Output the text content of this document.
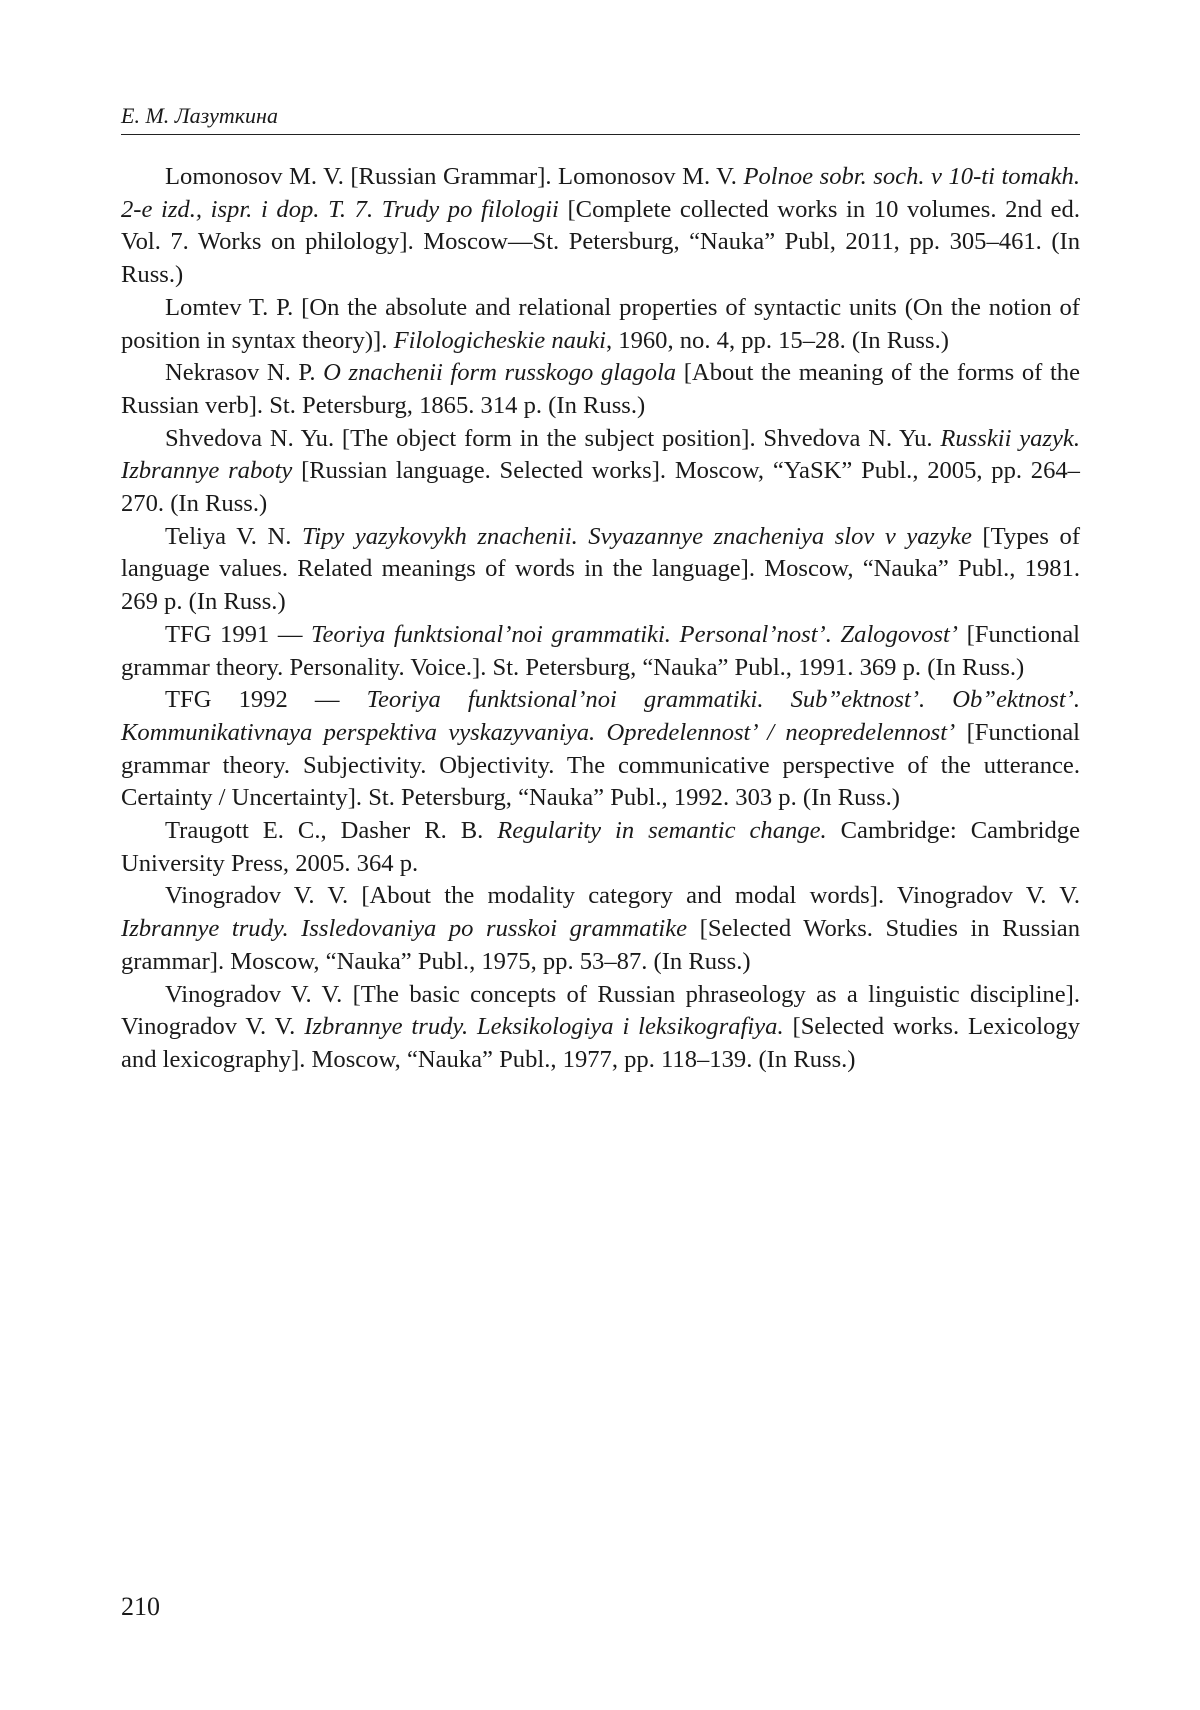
Е. М. Лазуткина

Lomonosov M. V. [Russian Grammar]. Lomonosov M. V. Polnoe sobr. soch. v 10-ti tomakh. 2-e izd., ispr. i dop. T. 7. Trudy po filologii [Complete collected works in 10 volumes. 2nd ed. Vol. 7. Works on philology]. Moscow—St. Petersburg, “Nauka” Publ, 2011, pp. 305–461. (In Russ.)

Lomtev T. P. [On the absolute and relational properties of syntactic units (On the notion of position in syntax theory)]. Filologicheskie nauki, 1960, no. 4, pp. 15–28. (In Russ.)

Nekrasov N. P. O znachenii form russkogo glagola [About the meaning of the forms of the Russian verb]. St. Petersburg, 1865. 314 p. (In Russ.)

Shvedova N. Yu. [The object form in the subject position]. Shvedova N. Yu. Russkii yazyk. Izbrannye raboty [Russian language. Selected works]. Moscow, “YaSK” Publ., 2005, pp. 264–270. (In Russ.)

Teliya V. N. Tipy yazykovykh znachenii. Svyazannye znacheniya slov v yazyke [Types of language values. Related meanings of words in the language]. Moscow, “Nauka” Publ., 1981. 269 p. (In Russ.)

TFG 1991 — Teoriya funktsional’noi grammatiki. Personal’nost’. Zalogovost’ [Functional grammar theory. Personality. Voice.]. St. Petersburg, “Nauka” Publ., 1991. 369 p. (In Russ.)

TFG 1992 — Teoriya funktsional’noi grammatiki. Sub”ektnost’. Ob”ektnost’. Kommunikativnaya perspektiva vyskazyvaniya. Opredelennost’ / neopredelennost’ [Functional grammar theory. Subjectivity. Objectivity. The communicative perspective of the utterance. Certainty / Uncertainty]. St. Petersburg, “Nauka” Publ., 1992. 303 p. (In Russ.)

Traugott E. C., Dasher R. B. Regularity in semantic change. Cambridge: Cambridge University Press, 2005. 364 p.

Vinogradov V. V. [About the modality category and modal words]. Vinogradov V. V. Izbrannye trudy. Issledovaniya po russkoi grammatike [Selected Works. Studies in Russian grammar]. Moscow, “Nauka” Publ., 1975, pp. 53–87. (In Russ.)

Vinogradov V. V. [The basic concepts of Russian phraseology as a linguistic discipline]. Vinogradov V. V. Izbrannye trudy. Leksikologiya i leksikografiya. [Selected works. Lexicology and lexicography]. Moscow, “Nauka” Publ., 1977, pp. 118–139. (In Russ.)

210
